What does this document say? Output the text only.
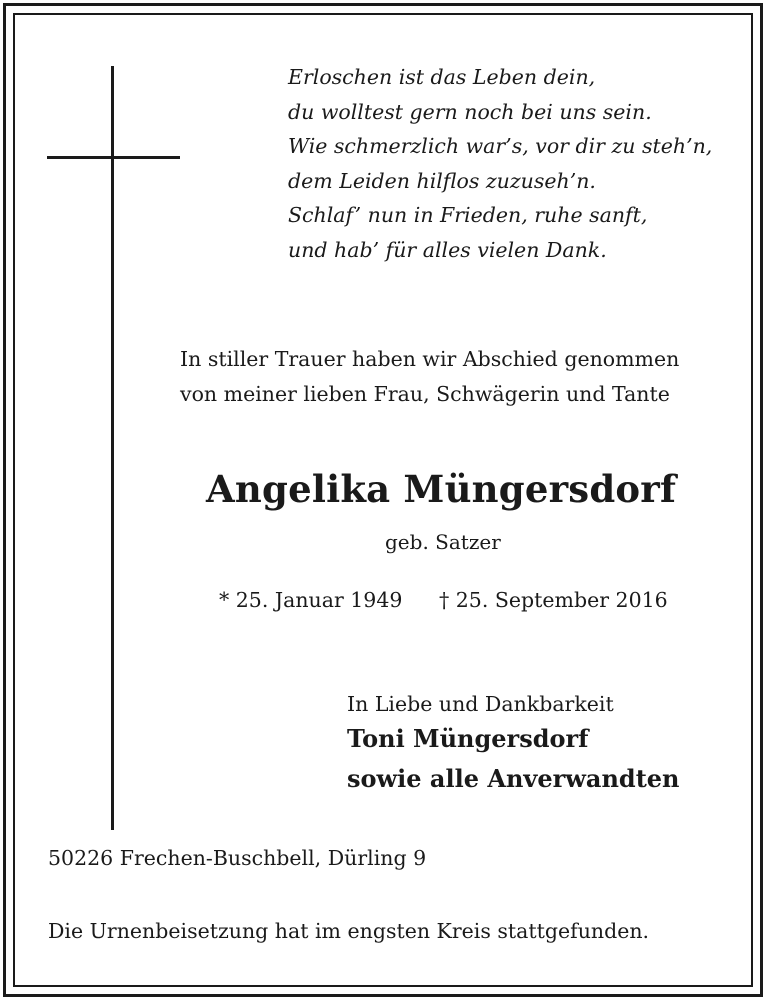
Erloschen ist das Leben dein,
du wolltest gern noch bei uns sein.
Wie schmerzlich war’s, vor dir zu steh’n,
dem Leiden hilflos zuzuseh’n.
Schlaf’ nun in Frieden, ruhe sanft,
und hab’ für alles vielen Dank.
In stiller Trauer haben wir Abschied genommen
von meiner lieben Frau, Schwägerin und Tante
Angelika Müngersdorf
geb. Satzer
* 25. Januar 1949 † 25. September 2016
In Liebe und Dankbarkeit
Toni Müngersdorf
sowie alle Anverwandten
50226 Frechen-Buschbell, Dürling 9
Die Urnenbeisetzung hat im engsten Kreis stattgefunden.
